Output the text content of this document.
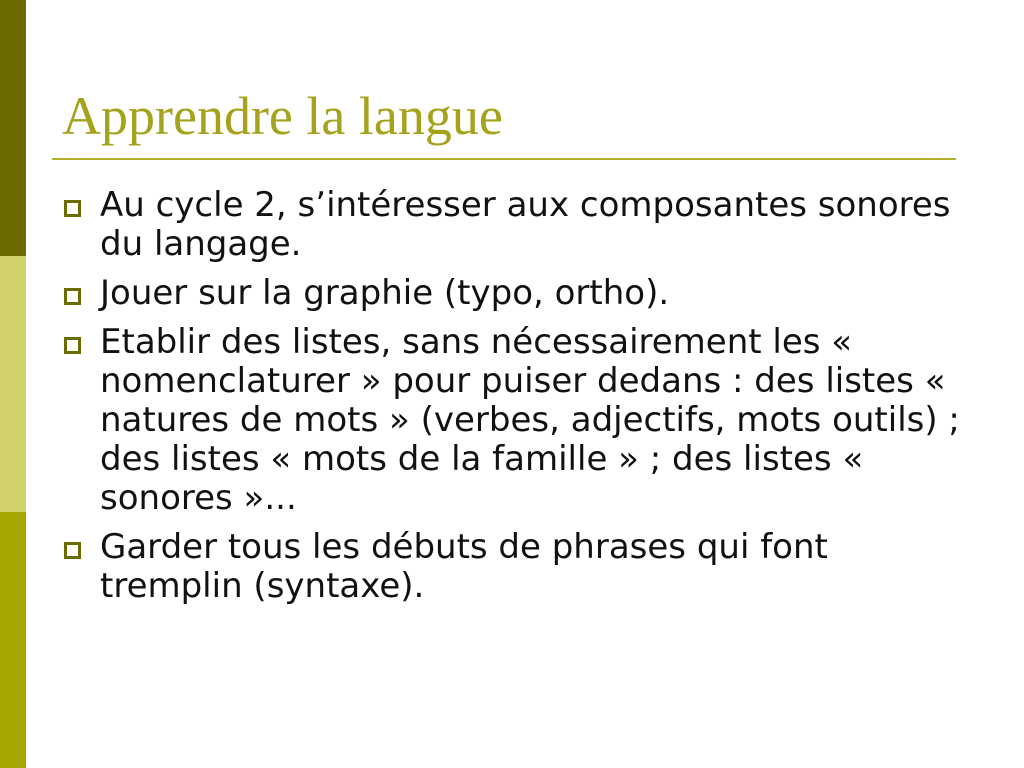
Apprendre la langue
Au cycle 2, s’intéresser aux composantes sonores du langage.
Jouer sur la graphie (typo, ortho).
Etablir des listes, sans nécessairement les « nomenclaturer » pour puiser dedans : des listes « natures de mots » (verbes, adjectifs, mots outils) ; des listes « mots de la famille » ; des listes « sonores »...
Garder tous les débuts de phrases qui font tremplin (syntaxe).
